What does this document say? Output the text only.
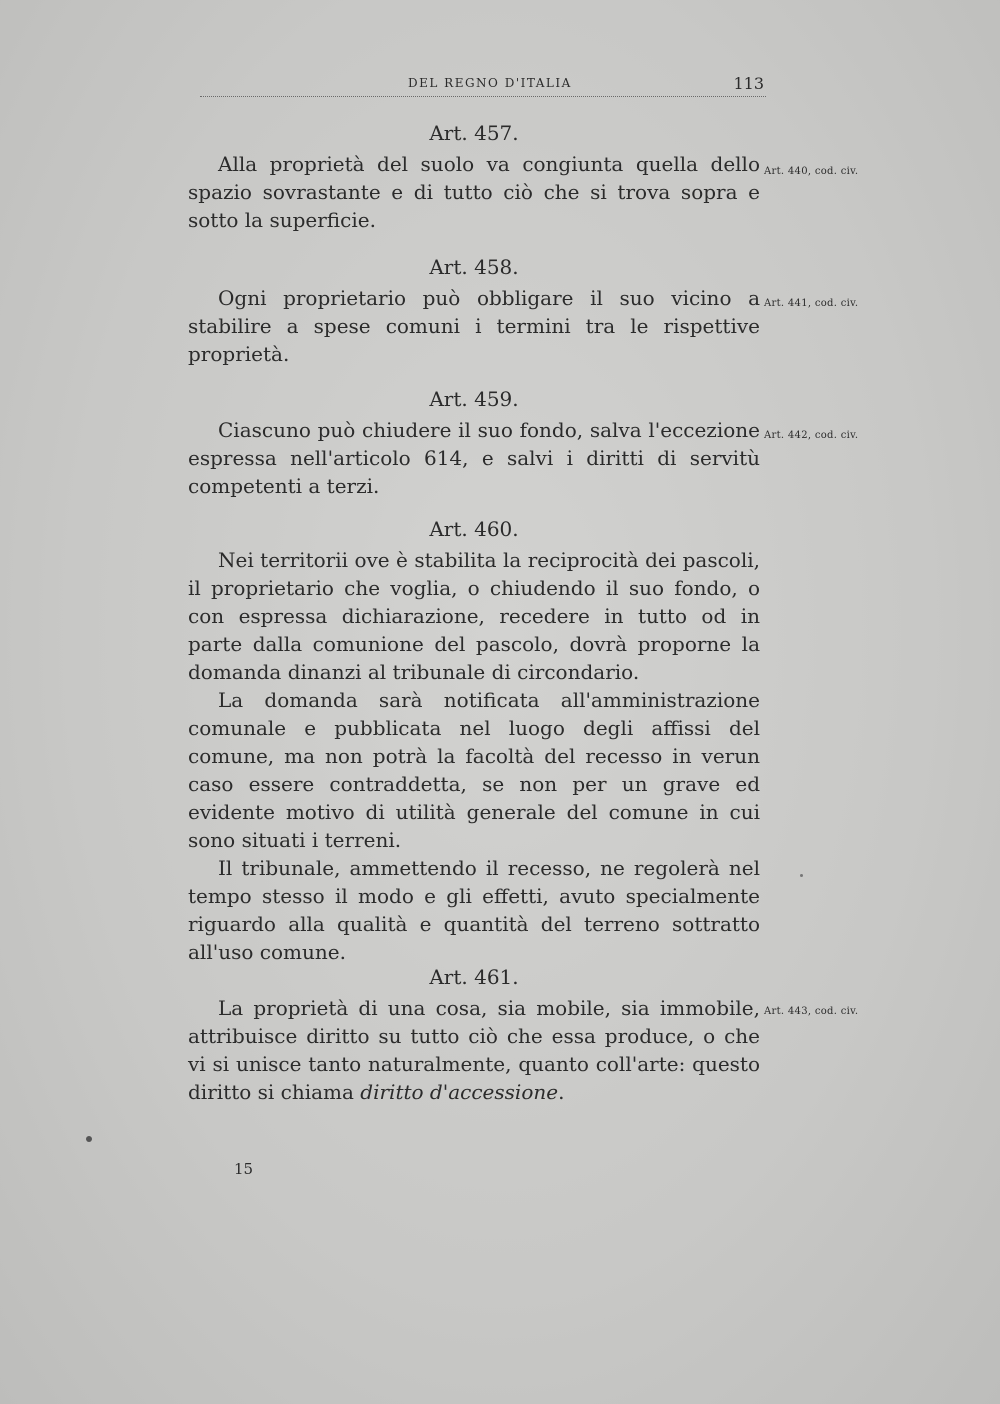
DEL REGNO D'ITALIA	113
Art. 457.

Alla proprietà del suolo va congiunta quella dello spazio sovrastante e di tutto ciò che si trova sopra e sotto la superficie.

Art. 440, cod. civ.
Art. 458.

Ogni proprietario può obbligare il suo vicino a stabilire a spese comuni i termini tra le rispettive proprietà.

Art. 441, cod. civ.
Art. 459.

Ciascuno può chiudere il suo fondo, salva l'eccezione espressa nell'articolo 614, e salvi i diritti di servitù competenti a terzi.

Art. 442, cod. civ.
Art. 460.

Nei territorii ove è stabilita la reciprocità dei pascoli, il proprietario che voglia, o chiudendo il suo fondo, o con espressa dichiarazione, recedere in tutto od in parte dalla comunione del pascolo, dovrà proporne la domanda dinanzi al tribunale di circondario.

La domanda sarà notificata all'amministrazione comunale e pubblicata nel luogo degli affissi del comune, ma non potrà la facoltà del recesso in verun caso essere contraddetta, se non per un grave ed evidente motivo di utilità generale del comune in cui sono situati i terreni.

Il tribunale, ammettendo il recesso, ne regolerà nel tempo stesso il modo e gli effetti, avuto specialmente riguardo alla qualità e quantità del terreno sottratto all'uso comune.

Art. 461.

La proprietà di una cosa, sia mobile, sia immobile, attribuisce diritto su tutto ciò che essa produce, o che vi si unisce tanto naturalmente, quanto coll'arte: questo diritto si chiama diritto d'accessione.

Art. 443, cod. civ.
15
